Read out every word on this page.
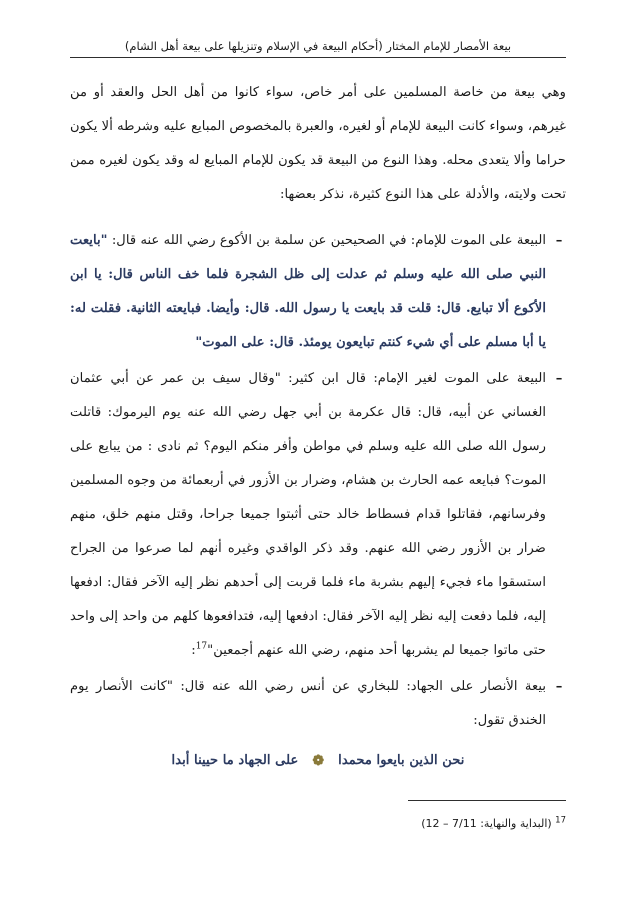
بيعة الأمصار للإمام المختار (أحكام البيعة في الإسلام وتنزيلها على بيعة أهل الشام)

وهي بيعة من خاصة المسلمين على أمر خاص، سواء كانوا من أهل الحل والعقد أو من غيرهم، وسواء كانت البيعة للإمام أو لغيره، والعبرة بالمخصوص المبايع عليه وشرطه ألا يكون حراما وألا يتعدى محله. وهذا النوع من البيعة قد يكون للإمام المبايع له وقد يكون لغيره ممن تحت ولايته، والأدلة على هذا النوع كثيرة، نذكر بعضها:

–
البيعة على الموت للإمام: في الصحيحين عن سلمة بن الأكوع رضي الله عنه قال: "بايعت النبي صلى الله عليه وسلم ثم عدلت إلى ظل الشجرة فلما خف الناس قال: يا ابن الأكوع ألا تبايع. قال: قلت قد بايعت يا رسول الله. قال: وأيضا. فبايعته الثانية. فقلت له: يا أبا مسلم على أي شيء كنتم تبايعون يومئذ. قال: على الموت"

–
البيعة على الموت لغير الإمام: قال ابن كثير: "وقال سيف بن عمر عن أبي عثمان الغساني عن أبيه، قال: قال عكرمة بن أبي جهل رضي الله عنه يوم اليرموك: قاتلت رسول الله صلى الله عليه وسلم في مواطن وأفر منكم اليوم؟ ثم نادى : من يبايع على الموت؟ فبايعه عمه الحارث بن هشام، وضرار بن الأزور في أربعمائة من وجوه المسلمين وفرسانهم، فقاتلوا قدام فسطاط خالد حتى أثبتوا جميعا جراحا، وقتل منهم خلق، منهم ضرار بن الأزور رضي الله عنهم. وقد ذكر الواقدي وغيره أنهم لما صرعوا من الجراح استسقوا ماء فجيء إليهم بشربة ماء فلما قربت إلى أحدهم نظر إليه الآخر فقال: ادفعها إليه، فلما دفعت إليه نظر إليه الآخر فقال: ادفعها إليه، فتدافعوها كلهم من واحد إلى واحد حتى ماتوا جميعا لم يشربها أحد منهم، رضي الله عنهم أجمعين"$^{17}$:

–
بيعة الأنصار على الجهاد: للبخاري عن أنس رضي الله عنه قال: "كانت الأنصار يوم الخندق تقول:

نحن الذين بايعوا محمدا
❁
على الجهاد ما حيينا أبدا
$^{17}$ (البداية والنهاية: 7/11 – 12)
